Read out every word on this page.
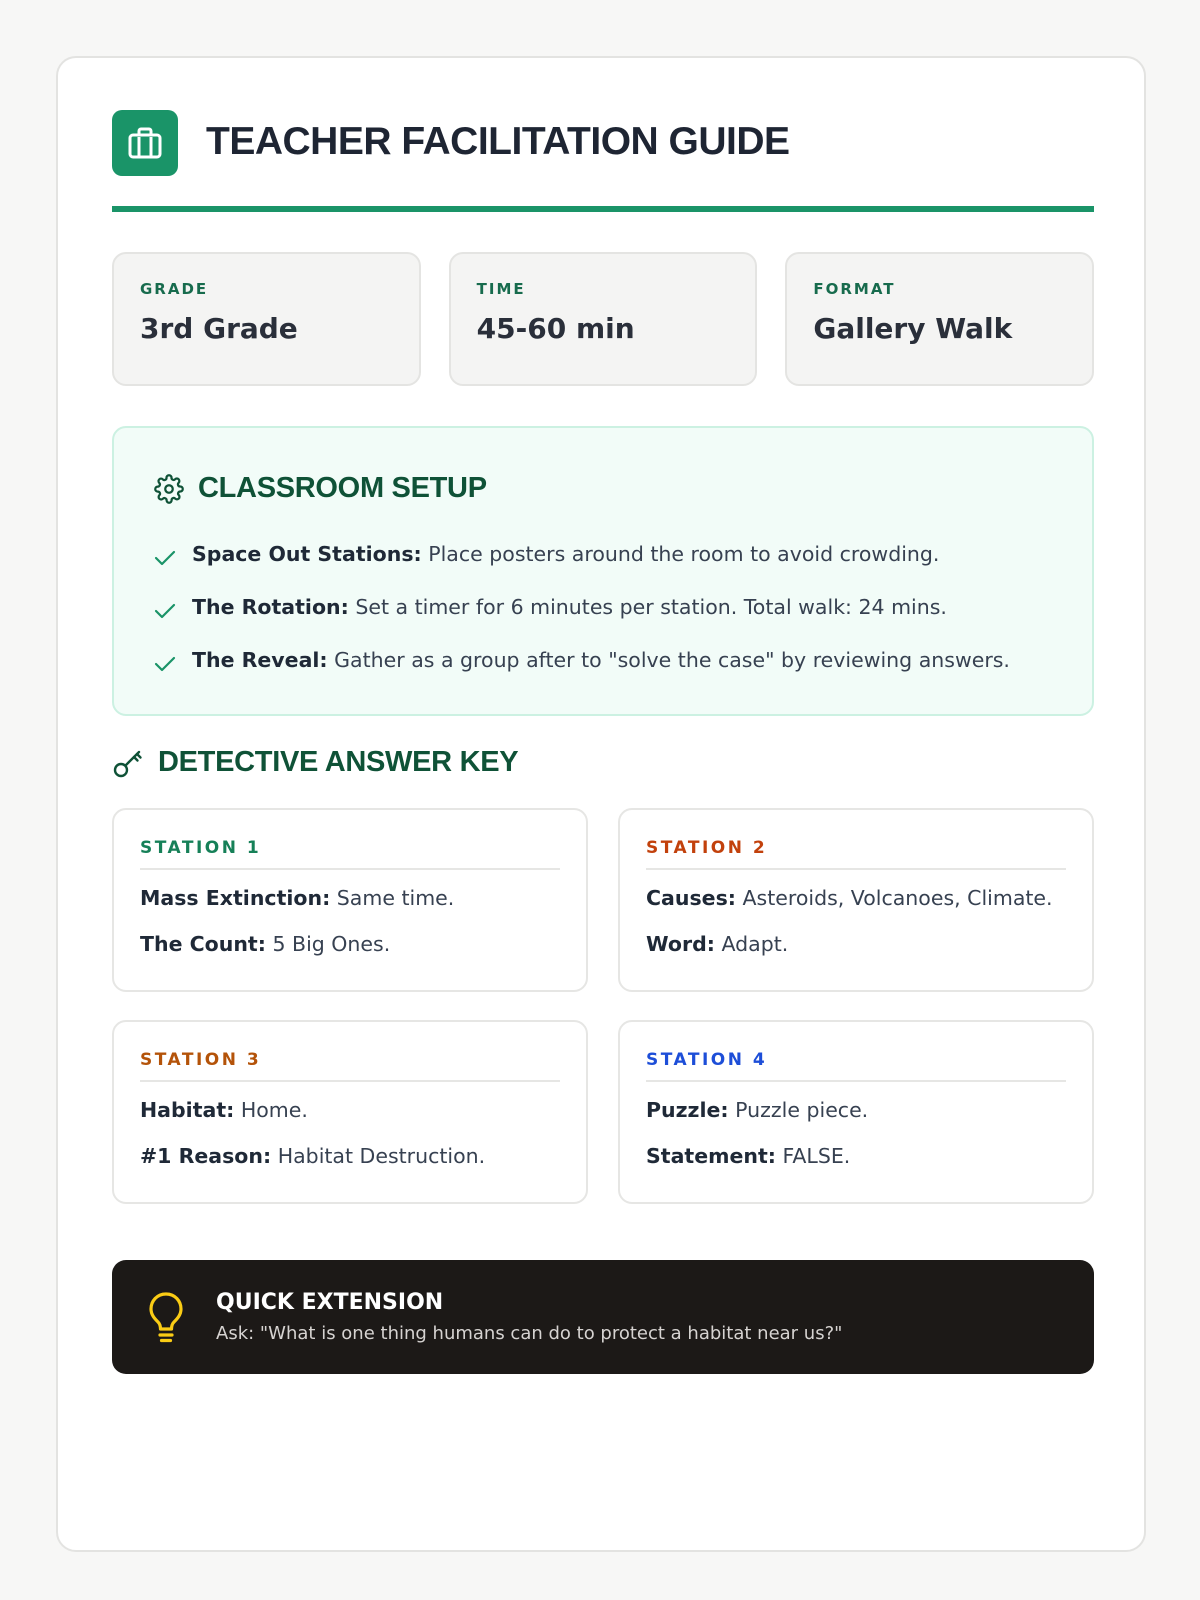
TEACHER FACILITATION GUIDE
GRADE
3rd Grade
TIME
45-60 min
FORMAT
Gallery Walk
CLASSROOM SETUP
Space Out Stations: Place posters around the room to avoid crowding.
The Rotation: Set a timer for 6 minutes per station. Total walk: 24 mins.
The Reveal: Gather as a group after to "solve the case" by reviewing answers.
DETECTIVE ANSWER KEY
STATION 1
Mass Extinction: Same time.
The Count: 5 Big Ones.
STATION 2
Causes: Asteroids, Volcanoes, Climate.
Word: Adapt.
STATION 3
Habitat: Home.
#1 Reason: Habitat Destruction.
STATION 4
Puzzle: Puzzle piece.
Statement: FALSE.
QUICK EXTENSION
Ask: "What is one thing humans can do to protect a habitat near us?"
